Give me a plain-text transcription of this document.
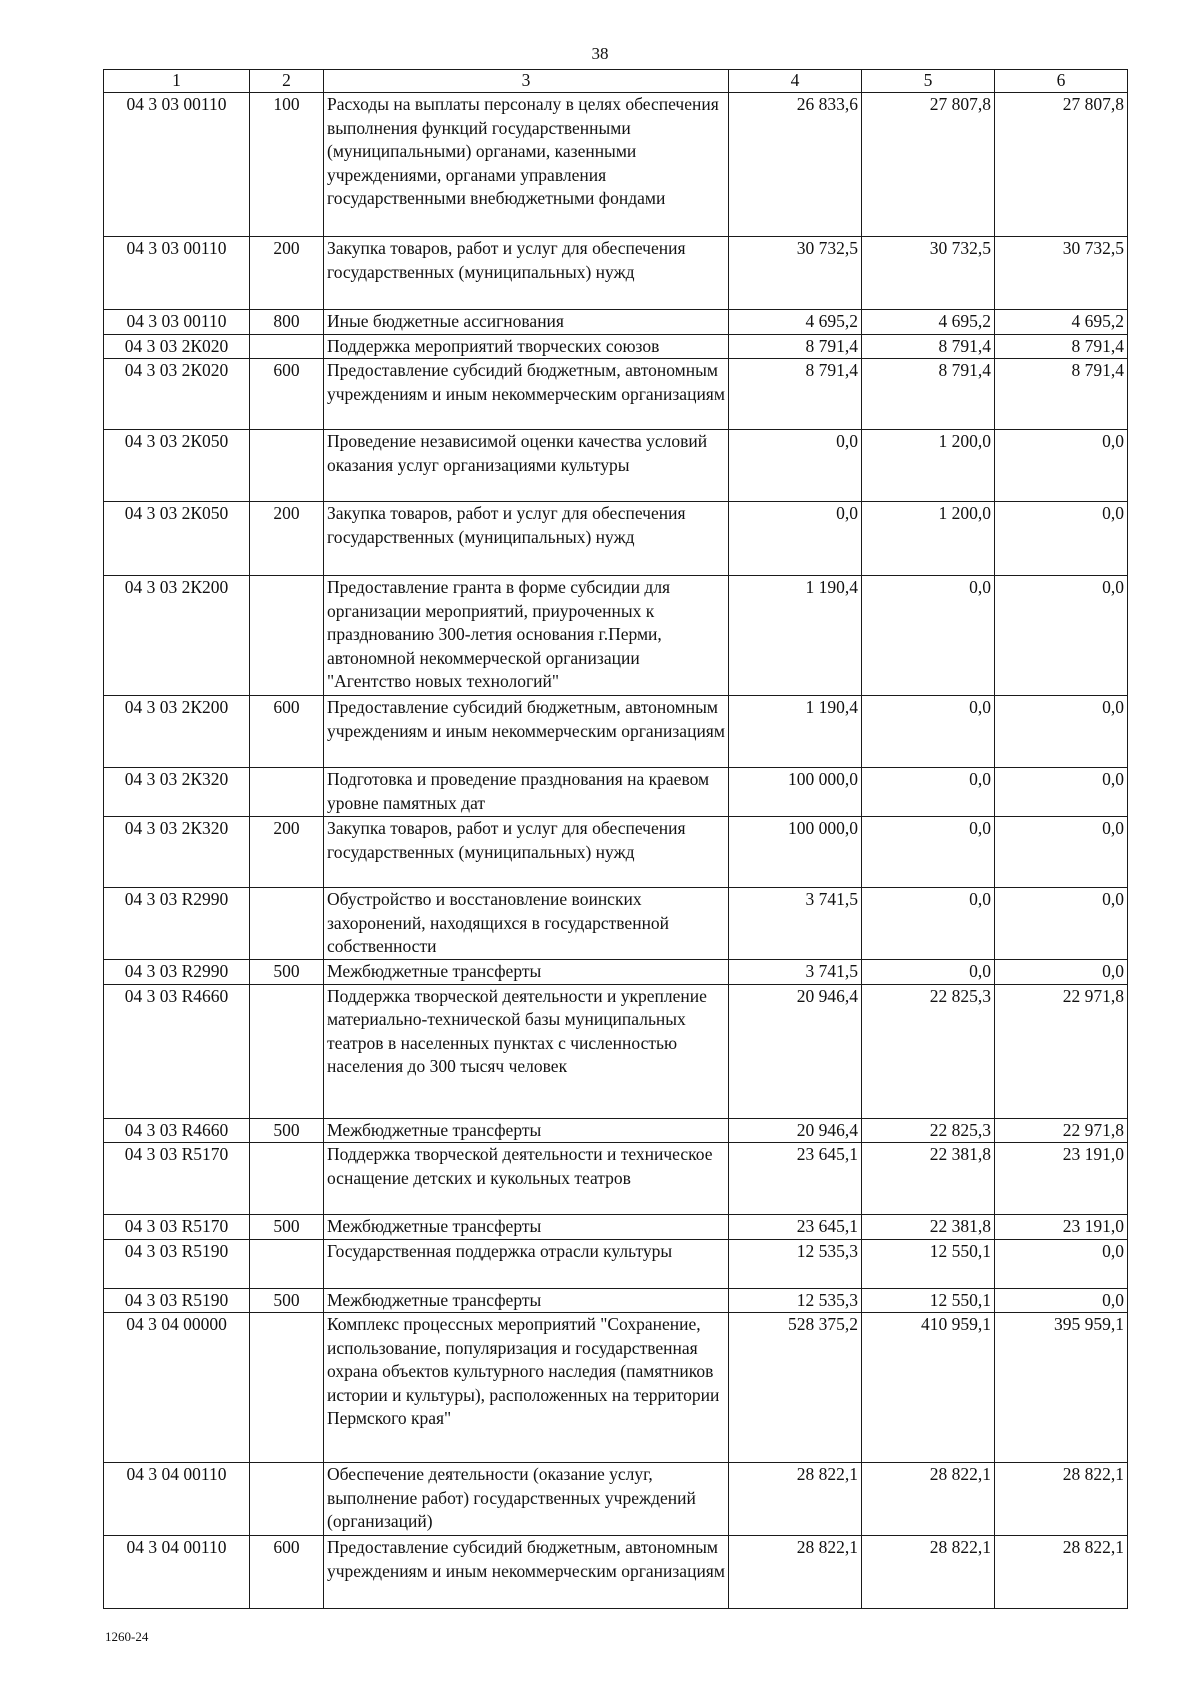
38
1	2	3	4	5	6
04 3 03 00110	100	Расходы на выплаты персоналу в целях обеспечения выполнения функций государственными (муниципальными) органами, казенными учреждениями, органами управления государственными внебюджетными фондами	26 833,6	27 807,8	27 807,8
04 3 03 00110	200	Закупка товаров, работ и услуг для обеспечения государственных (муниципальных) нужд	30 732,5	30 732,5	30 732,5
04 3 03 00110	800	Иные бюджетные ассигнования	4 695,2	4 695,2	4 695,2
04 3 03 2К020		Поддержка мероприятий творческих союзов	8 791,4	8 791,4	8 791,4
04 3 03 2К020	600	Предоставление субсидий бюджетным, автономным учреждениям и иным некоммерческим организациям	8 791,4	8 791,4	8 791,4
04 3 03 2К050		Проведение независимой оценки качества условий оказания услуг организациями культуры	0,0	1 200,0	0,0
04 3 03 2К050	200	Закупка товаров, работ и услуг для обеспечения государственных (муниципальных) нужд	0,0	1 200,0	0,0
04 3 03 2К200		Предоставление гранта в форме субсидии для организации мероприятий, приуроченных к празднованию 300-летия основания г.Перми, автономной некоммерческой организации "Агентство новых технологий"	1 190,4	0,0	0,0
04 3 03 2К200	600	Предоставление субсидий бюджетным, автономным учреждениям и иным некоммерческим организациям	1 190,4	0,0	0,0
04 3 03 2К320		Подготовка и проведение празднования на краевом уровне памятных дат	100 000,0	0,0	0,0
04 3 03 2К320	200	Закупка товаров, работ и услуг для обеспечения государственных (муниципальных) нужд	100 000,0	0,0	0,0
04 3 03 R2990		Обустройство и восстановление воинских захоронений, находящихся в государственной собственности	3 741,5	0,0	0,0
04 3 03 R2990	500	Межбюджетные трансферты	3 741,5	0,0	0,0
04 3 03 R4660		Поддержка творческой деятельности и укрепление материально-технической базы муниципальных театров в населенных пунктах с численностью населения до 300 тысяч человек	20 946,4	22 825,3	22 971,8
04 3 03 R4660	500	Межбюджетные трансферты	20 946,4	22 825,3	22 971,8
04 3 03 R5170		Поддержка творческой деятельности и техническое оснащение детских и кукольных театров	23 645,1	22 381,8	23 191,0
04 3 03 R5170	500	Межбюджетные трансферты	23 645,1	22 381,8	23 191,0
04 3 03 R5190		Государственная поддержка отрасли культуры	12 535,3	12 550,1	0,0
04 3 03 R5190	500	Межбюджетные трансферты	12 535,3	12 550,1	0,0
04 3 04 00000		Комплекс процессных мероприятий "Сохранение, использование, популяризация и государственная охрана объектов культурного наследия (памятников истории и культуры), расположенных на территории Пермского края"	528 375,2	410 959,1	395 959,1
04 3 04 00110		Обеспечение деятельности (оказание услуг, выполнение работ) государственных учреждений (организаций)	28 822,1	28 822,1	28 822,1
04 3 04 00110	600	Предоставление субсидий бюджетным, автономным учреждениям и иным некоммерческим организациям	28 822,1	28 822,1	28 822,1
1260-24
